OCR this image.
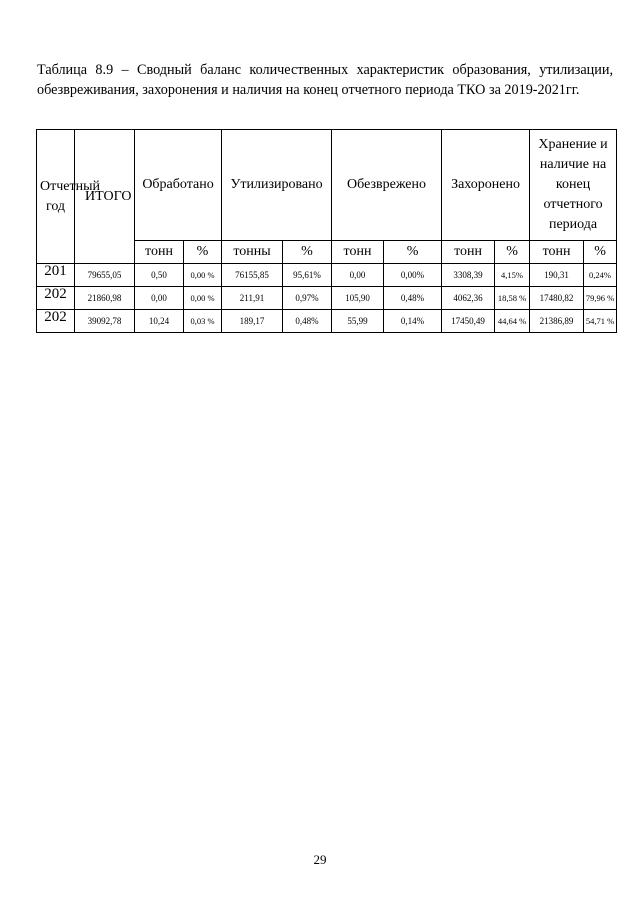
Таблица 8.9 – Сводный баланс количественных характеристик образования, утилизации, обезвреживания, захоронения и наличия на конец отчетного периода ТКО за 2019-2021гг.
Отчетный год	ИТОГО	Обработано		Утилизировано		Обезврежено		Захоронено		Хранение и наличие на конец отчетного периода	
		тонн	%	тонны	%	тонн	%	тонн	%	тонн	%
201	79655,05	0,50	0,00 %	76155,85	95,61%	0,00	0,00%	3308,39	4,15%	190,31	0,24%
202	21860,98	0,00	0,00 %	211,91	0,97%	105,90	0,48%	4062,36	18,58 %	17480,82	79,96 %

202	39092,78	10,24	0,03 %	189,17	0,48%	55,99	0,14%	17450,49	44,64 %	21386,89	54,71 %
29
